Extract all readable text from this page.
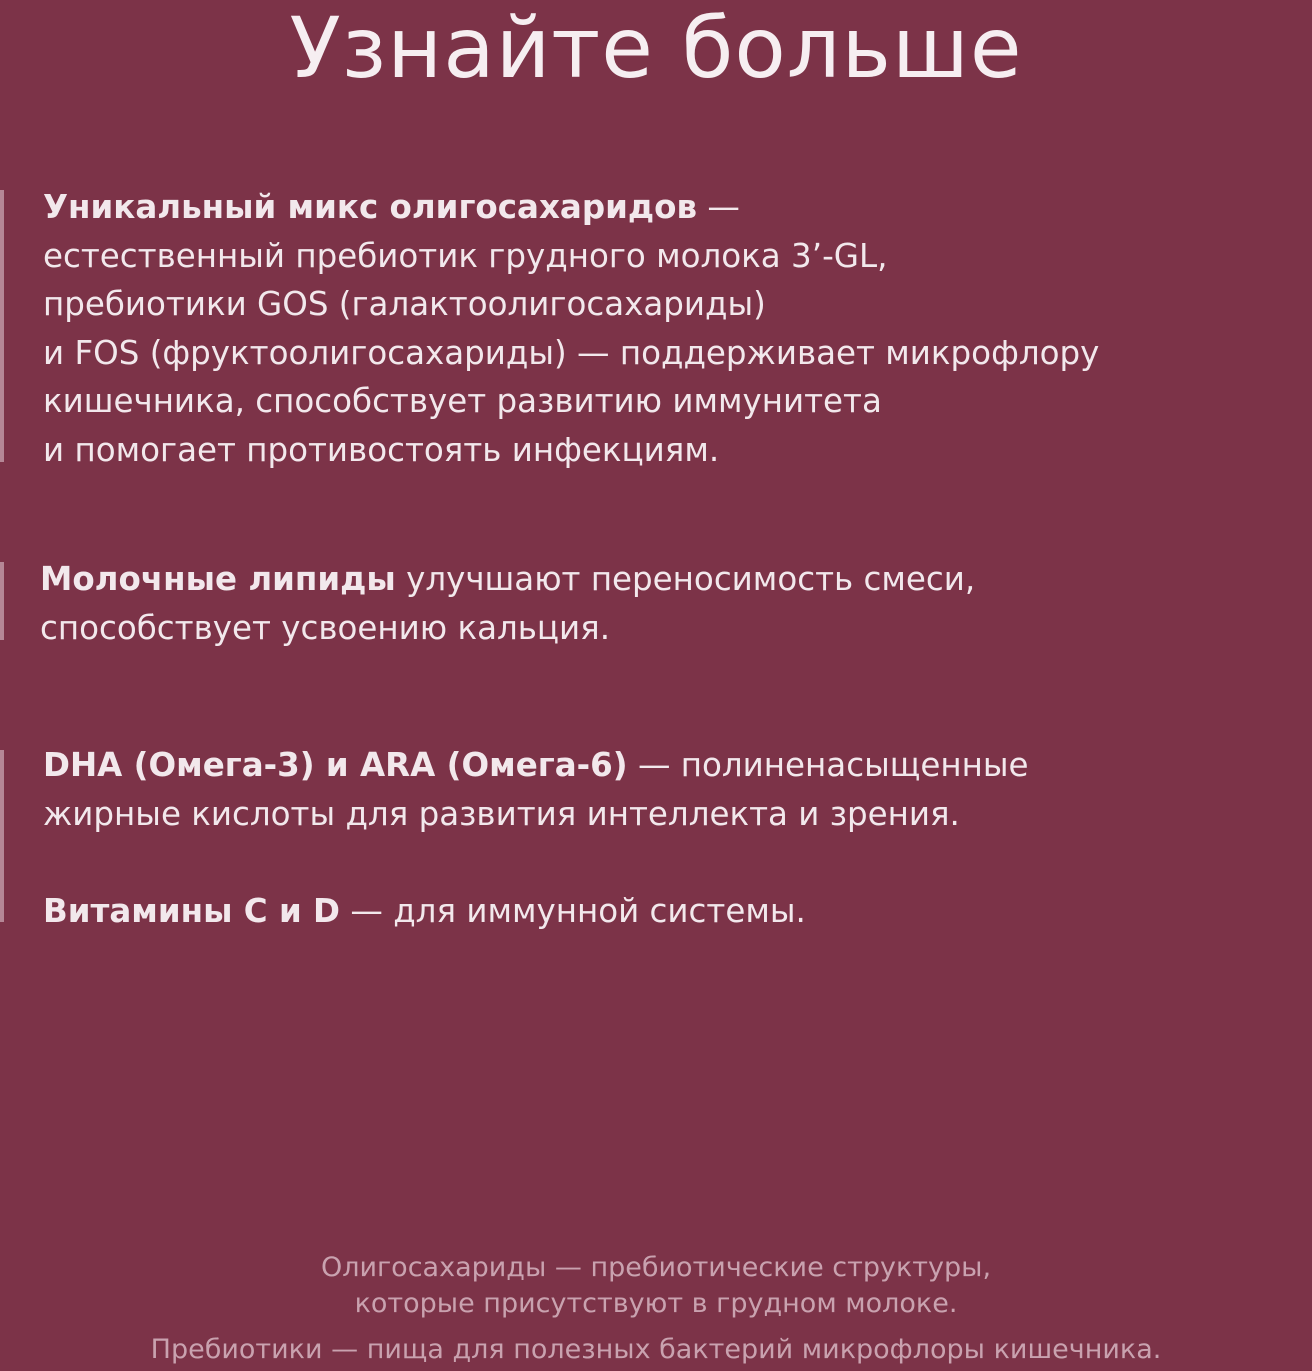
Узнайте больше

Уникальный микс олигосахаридов —
естественный пребиотик грудного молока 3’-GL,
пребиотики GOS (галактоолигосахариды)
и FOS (фруктоолигосахариды) — поддерживает микрофлору
кишечника, способствует развитию иммунитета
и помогает противостоять инфекциям.

Молочные липиды улучшают переносимость смеси,
способствует усвоению кальция.

DHA (Омега-3) и ARA (Омега-6) — полиненасыщенные
жирные кислоты для развития интеллекта и зрения.

Витамины С и D — для иммунной системы.

Олигосахариды — пребиотические структуры,
которые присутствуют в грудном молоке.
Пребиотики — пища для полезных бактерий микрофлоры кишечника.
